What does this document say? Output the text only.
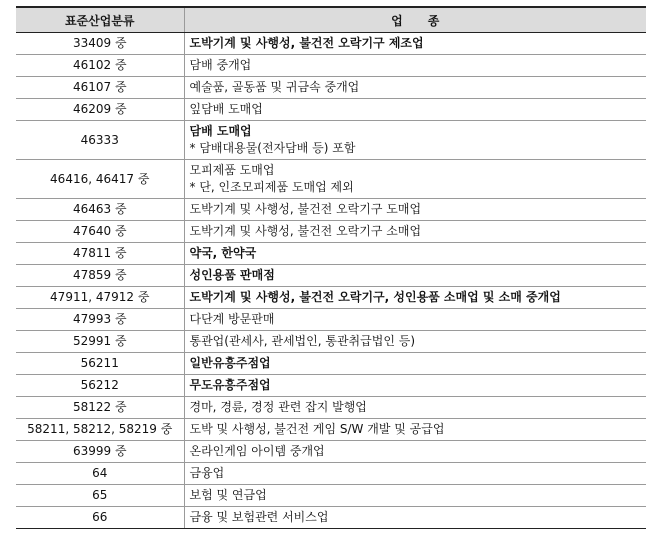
표준산업분류	업      종
33409 중	도박기계 및 사행성, 불건전 오락기구 제조업

46102 중	담배 중개업

46107 중	예술품, 골동품 및 귀금속 중개업

46209 중	잎담배 도매업

46333	담배 도매업
* 담배대용물(전자담배 등) 포함

46416, 46417 중	모피제품 도매업
* 단, 인조모피제품 도매업 제외

46463 중	도박기계 및 사행성, 불건전 오락기구 도매업

47640 중	도박기계 및 사행성, 불건전 오락기구 소매업

47811 중	약국, 한약국

47859 중	성인용품 판매점

47911, 47912 중	도박기계 및 사행성, 불건전 오락기구, 성인용품 소매업 및 소매 중개업

47993 중	다단계 방문판매

52991 중	통관업(관세사, 관세법인, 통관취급법인 등)

56211	일반유흥주점업

56212	무도유흥주점업

58122 중	경마, 경륜, 경정 관련 잡지 발행업

58211, 58212, 58219 중	도박 및 사행성, 불건전 게임 S/W 개발 및 공급업

63999 중	온라인게임 아이템 중개업

64	금융업

65	보험 및 연금업

66	금융 및 보험관련 서비스업
